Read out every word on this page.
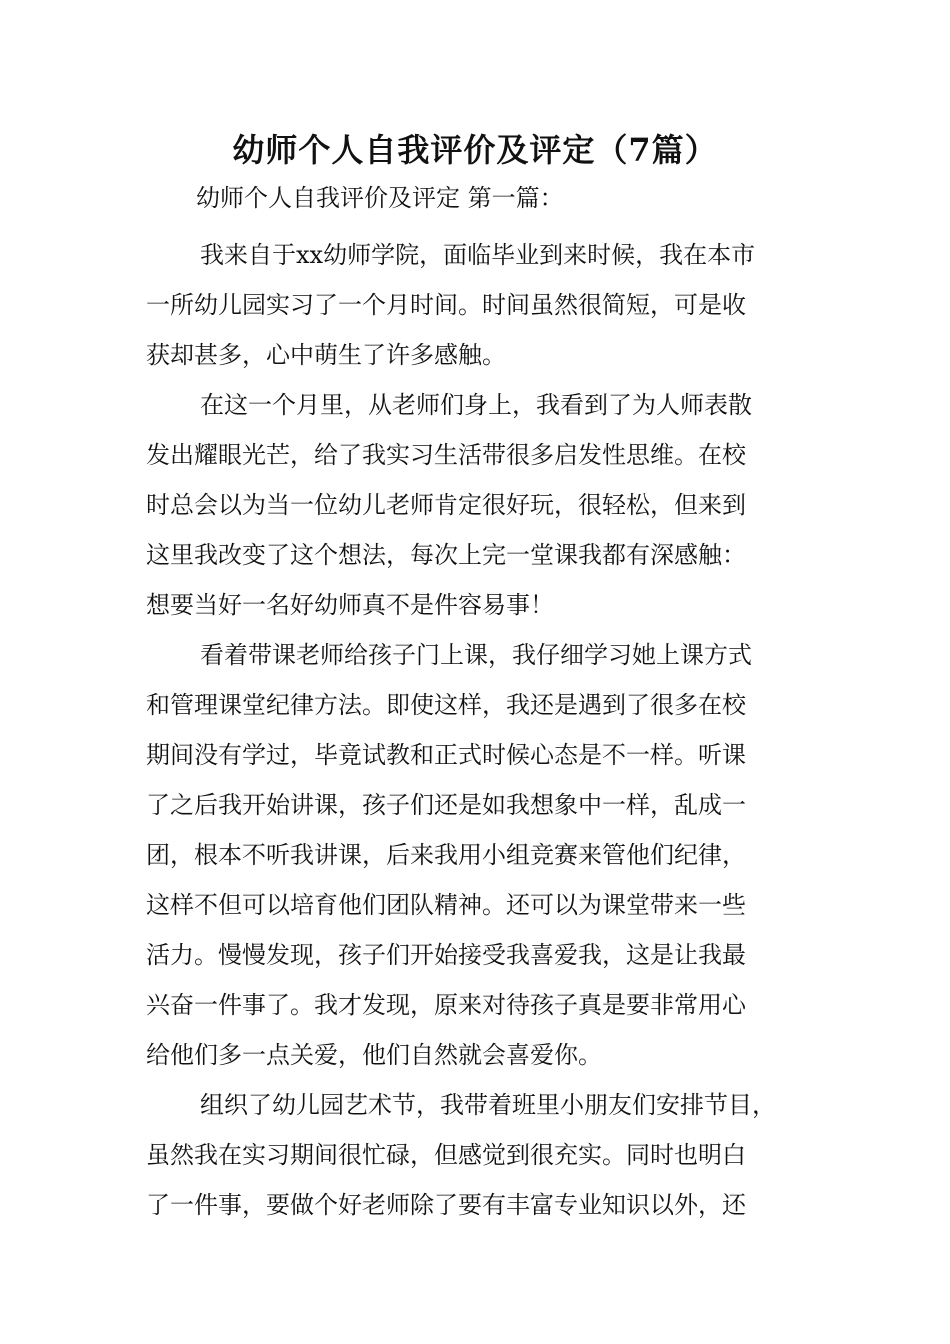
幼师个人自我评价及评定（7篇）
幼师个人自我评价及评定 第一篇：
我来自于xx幼师学院，面临毕业到来时候，我在本市
一所幼儿园实习了一个月时间。时间虽然很简短，可是收
获却甚多，心中萌生了许多感触。
在这一个月里，从老师们身上，我看到了为人师表散
发出耀眼光芒，给了我实习生活带很多启发性思维。在校
时总会以为当一位幼儿老师肯定很好玩，很轻松，但来到
这里我改变了这个想法，每次上完一堂课我都有深感触：
想要当好一名好幼师真不是件容易事！
看着带课老师给孩子门上课，我仔细学习她上课方式
和管理课堂纪律方法。即使这样，我还是遇到了很多在校
期间没有学过，毕竟试教和正式时候心态是不一样。听课
了之后我开始讲课，孩子们还是如我想象中一样，乱成一
团，根本不听我讲课，后来我用小组竞赛来管他们纪律，
这样不但可以培育他们团队精神。还可以为课堂带来一些
活力。慢慢发现，孩子们开始接受我喜爱我，这是让我最
兴奋一件事了。我才发现，原来对待孩子真是要非常用心
给他们多一点关爱，他们自然就会喜爱你。
组织了幼儿园艺术节，我带着班里小朋友们安排节目，
虽然我在实习期间很忙碌，但感觉到很充实。同时也明白
了一件事，要做个好老师除了要有丰富专业知识以外，还
